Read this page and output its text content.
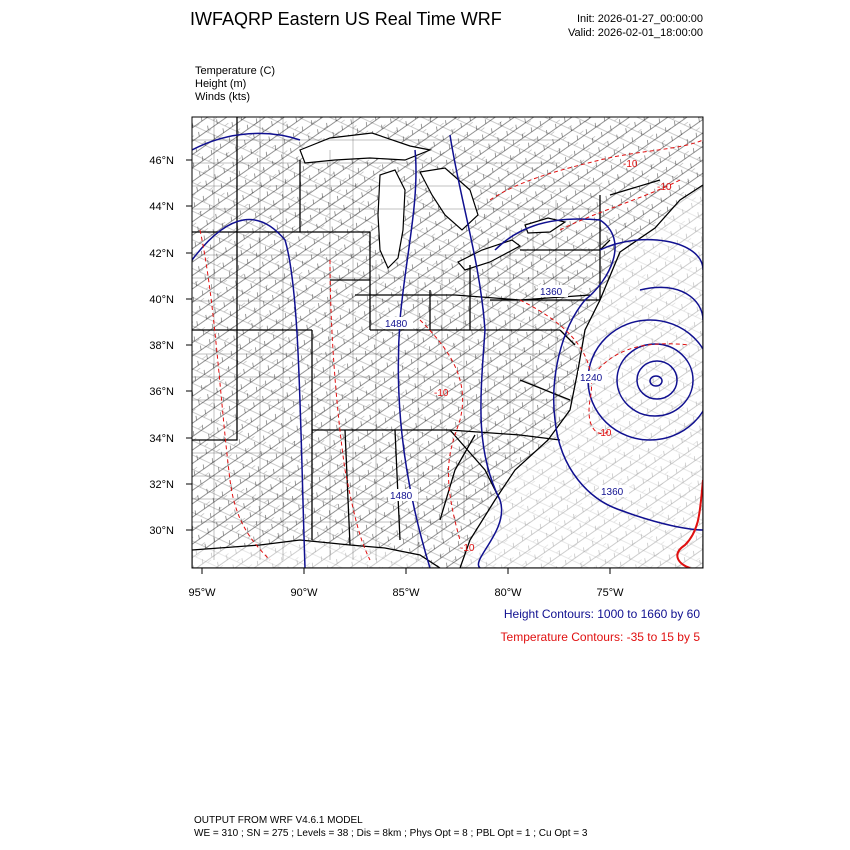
IWFAQRP Eastern US Real Time WRF	Init: 2026-01-27_00:00:00
Valid: 2026-02-01_18:00:00
Temperature (C)
Height (m)
Winds (kts)
46°N
44°N
42°N
40°N
38°N
36°N
34°N
32°N
30°N
95°W	90°W	85°W	80°W	75°W
1480
1360
1240
1480	1360
-10
-10
-10
-10
-10
Height Contours: 1000 to 1660 by 60
Temperature Contours: -35 to 15 by 5
OUTPUT FROM WRF V4.6.1 MODEL
WE = 310 ; SN = 275 ; Levels = 38 ; Dis = 8km ; Phys Opt = 8 ; PBL Opt = 1 ; Cu Opt = 3
